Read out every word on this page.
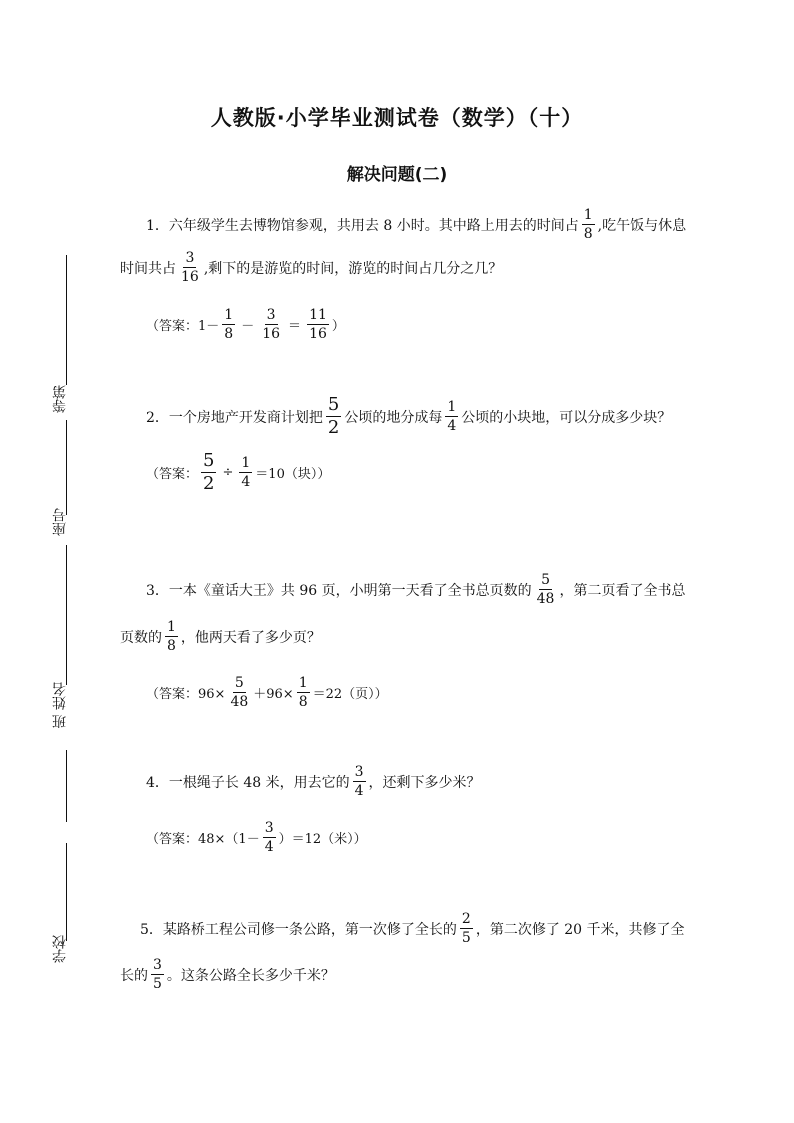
等第
座号
班 姓名
学校
人教版·小学毕业测试卷（数学）（十）
解决问题(二)
1．六年级学生去博物馆参观，共用去 8 小时。其中路上用去的时间占 $\frac{1}{8}$ ,吃午饭与休息
时间共占 $\frac{3}{16}$ ,剩下的是游览的时间，游览的时间占几分之几？
（答案：$1- \frac{1}{8} - \frac{3}{16} = \frac{11}{16}$ ）
2．一个房地产开发商计划把 $\frac{5}{2}$ 公顷的地分成每 $\frac{1}{4}$ 公顷的小块地，可以分成多少块？
（答案： $\frac{5}{2} \div \frac{1}{4} =10$（块））
3．一本《童话大王》共 96 页，小明第一天看了全书总页数的 $\frac{5}{48}$ ，第二页看了全书总
页数的 $\frac{1}{8}$ ，他两天看了多少页？
（答案：$96\times \frac{5}{48} +96\times \frac{1}{8} =22$（页））
4．一根绳子长 48 米，用去它的 $\frac{3}{4}$ ，还剩下多少米？
（答案：$48\times(1- \frac{3}{4} )=12$（米））
5．某路桥工程公司修一条公路，第一次修了全长的 $\frac{2}{5}$ ，第二次修了 20 千米，共修了全
长的 $\frac{3}{5}$ 。这条公路全长多少千米？
